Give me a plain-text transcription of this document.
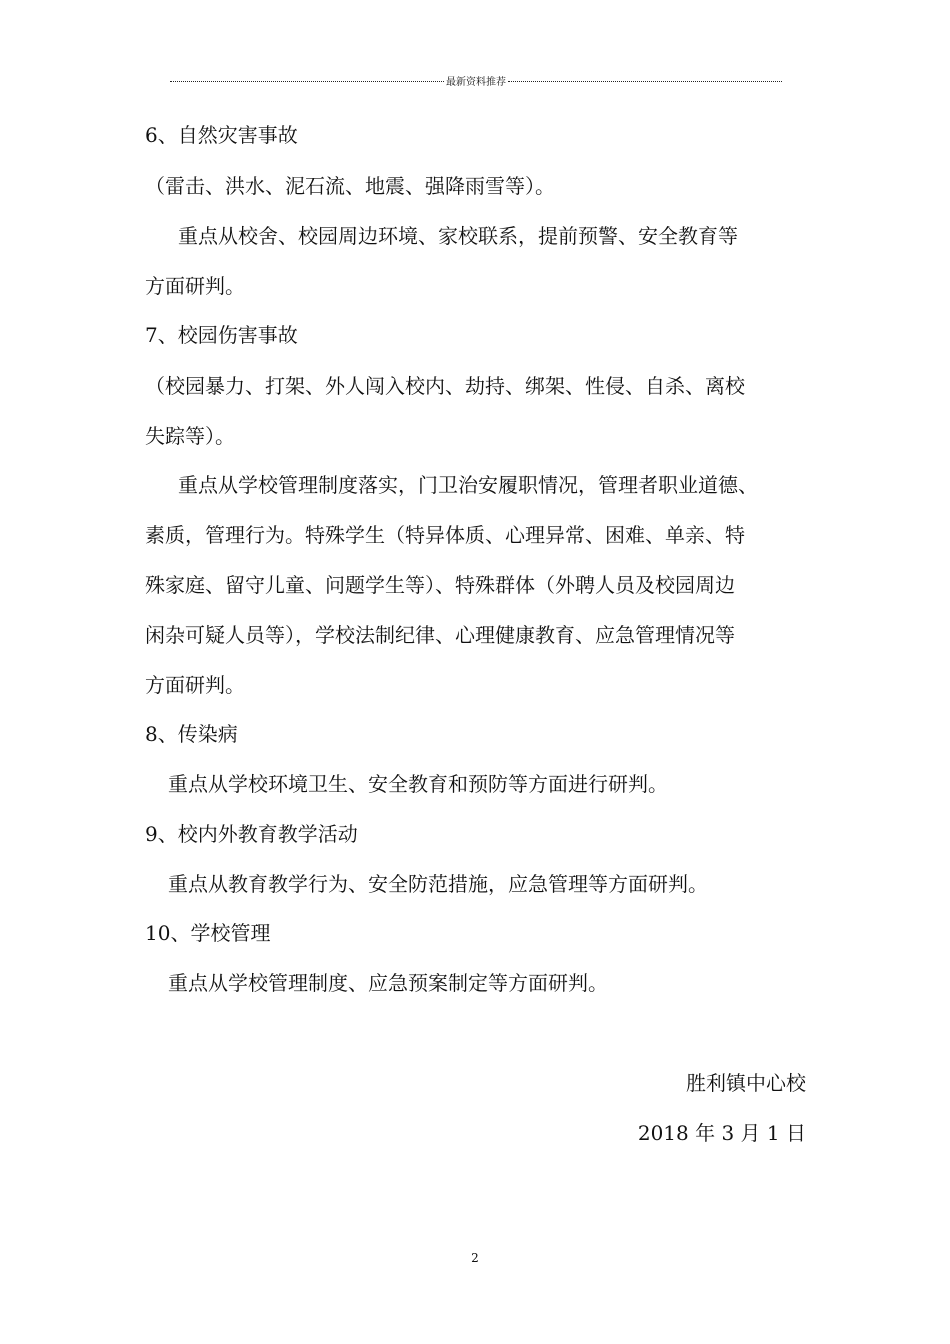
最新资料推荐
6、自然灾害事故
（雷击、洪水、泥石流、地震、强降雨雪等）。
重点从校舍、校园周边环境、家校联系，提前预警、安全教育等
方面研判。
7、校园伤害事故
（校园暴力、打架、外人闯入校内、劫持、绑架、性侵、自杀、离校
失踪等）。
重点从学校管理制度落实，门卫治安履职情况，管理者职业道德、
素质，管理行为。特殊学生（特异体质、心理异常、困难、单亲、特
殊家庭、留守儿童、问题学生等）、特殊群体（外聘人员及校园周边
闲杂可疑人员等），学校法制纪律、心理健康教育、应急管理情况等
方面研判。
8、传染病
重点从学校环境卫生、安全教育和预防等方面进行研判。
9、校内外教育教学活动
重点从教育教学行为、安全防范措施，应急管理等方面研判。
10、学校管理
重点从学校管理制度、应急预案制定等方面研判。
胜利镇中心校
2018 年 3 月 1 日
2
